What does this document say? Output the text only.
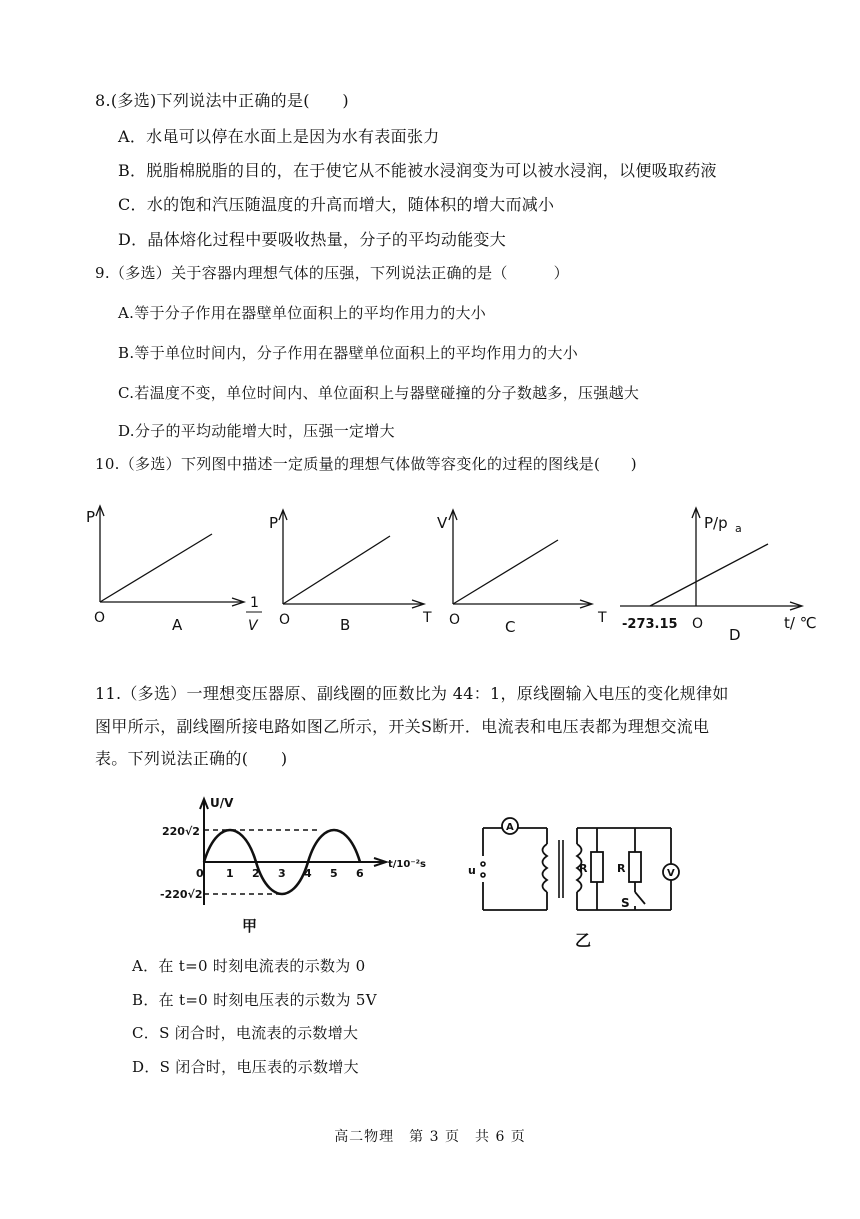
8.(多选)下列说法中正确的是(　　)
A．水黾可以停在水面上是因为水有表面张力
B．脱脂棉脱脂的目的，在于使它从不能被水浸润变为可以被水浸润，以便吸取药液
C．水的饱和汽压随温度的升高而增大，随体积的增大而减小
D．晶体熔化过程中要吸收热量，分子的平均动能变大
9.（多选）关于容器内理想气体的压强，下列说法正确的是（　　　）
A.等于分子作用在器壁单位面积上的平均作用力的大小
B.等于单位时间内，分子作用在器壁单位面积上的平均作用力的大小
C.若温度不变，单位时间内、单位面积上与器壁碰撞的分子数越多，压强越大
D.分子的平均动能增大时，压强一定增大
10.（多选）下列图中描述一定质量的理想气体做等容变化的过程的图线是(　　)
P
O
1
V
A
P
O	T
B
V
O	T
C
P/p a
-273.15 O	t/ ℃
D
11.（多选）一理想变压器原、副线圈的匝数比为 44：1，原线圈输入电压的变化规律如
图甲所示，副线圈所接电路如图乙所示，开关S断开．电流表和电压表都为理想交流电
表。下列说法正确的(　　)
U/V
220√2
-220√2
t/10⁻²s
0 1 2 3 4 5 6
甲
A
u	R	R
S
V
乙
A．在 t=0 时刻电流表的示数为 0
B．在 t=0 时刻电压表的示数为 5V
C．S 闭合时，电流表的示数增大
D．S 闭合时，电压表的示数增大
高二物理　第 3 页　共 6 页
